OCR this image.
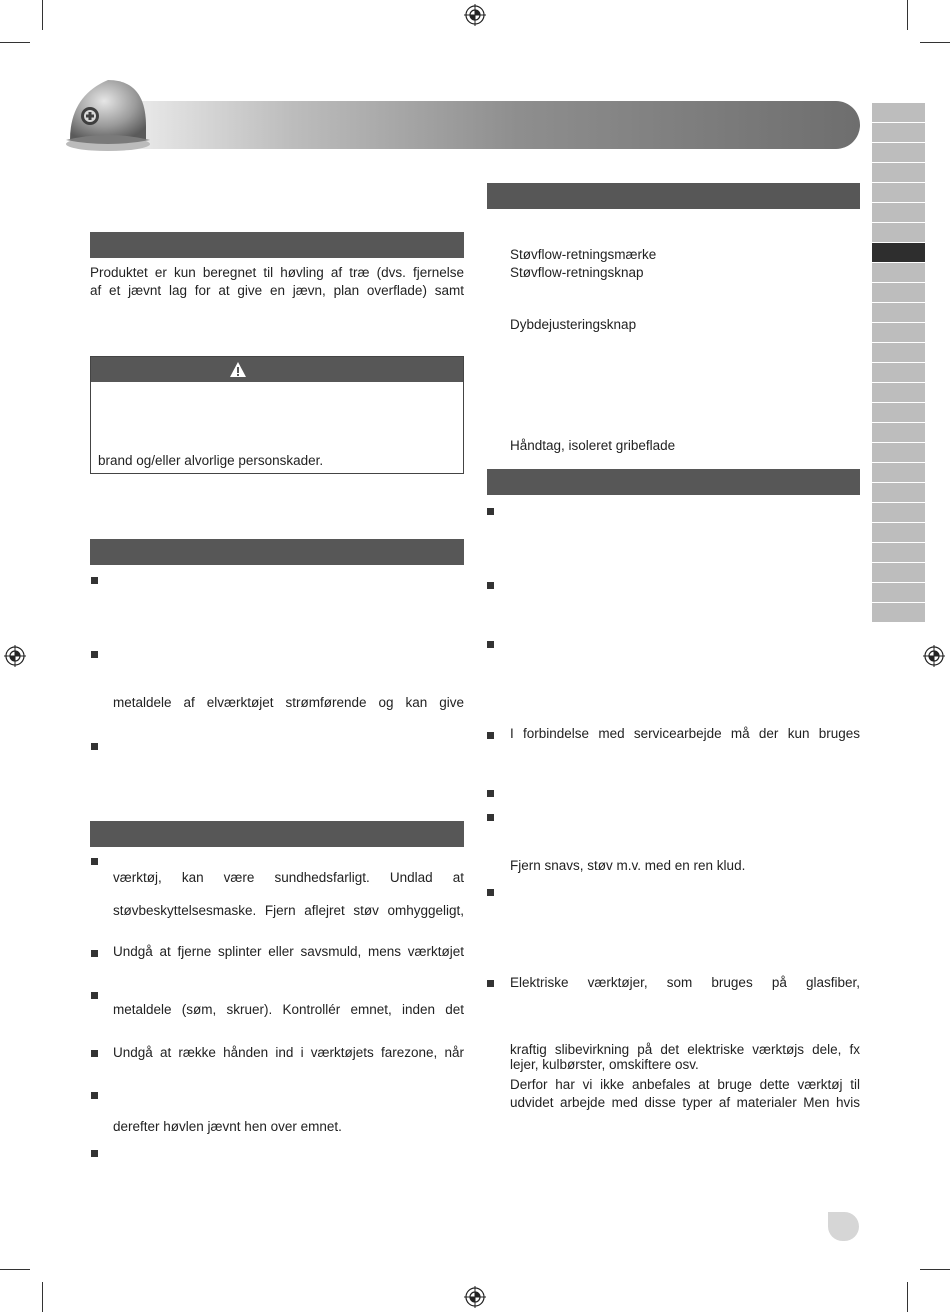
Produktet er kun beregnet til høvling af træ (dvs. fjernelse
af et jævnt lag for at give en jævn, plan overflade) samt
brand og/eller alvorlige personskader.
metaldele af elværktøjet strømførende og kan give
værktøj, kan være sundhedsfarligt. Undlad at
støvbeskyttelsesmaske. Fjern aflejret støv omhyggeligt,
Undgå at fjerne splinter eller savsmuld, mens værktøjet
metaldele (søm, skruer). Kontrollér emnet, inden det
Undgå at række hånden ind i værktøjets farezone, når
derefter høvlen jævnt hen over emnet.
Støvflow-retningsmærke
Støvflow-retningsknap
Dybdejusteringsknap
Håndtag, isoleret gribeflade
I forbindelse med servicearbejde må der kun bruges
Fjern snavs, støv m.v. med en ren klud.
Elektriske værktøjer, som bruges på glasfiber,
kraftig slibevirkning på det elektriske værktøjs dele, fx
lejer, kulbørster, omskiftere osv.
Derfor har vi ikke anbefales at bruge dette værktøj til
udvidet arbejde med disse typer af materialer Men hvis
